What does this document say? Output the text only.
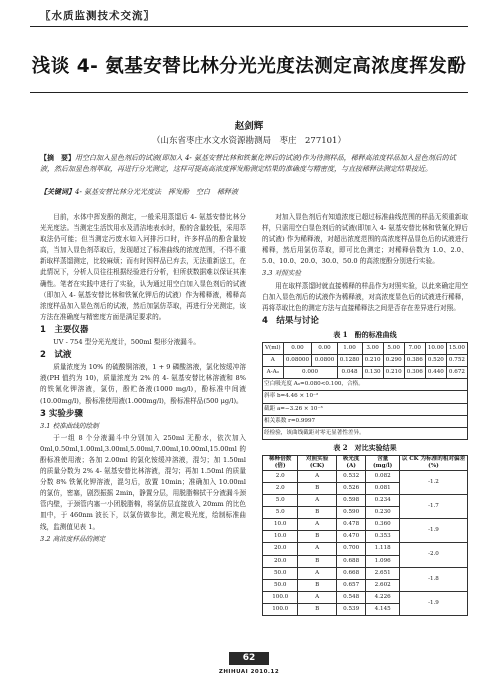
〖水质监测技术交流〗
浅谈 4- 氨基安替比林分光光度法测定高浓度挥发酚
赵剑辉
（山东省枣庄水文水资源勘测局　枣庄　277101）
【摘　要】用空白加入显色剂后的试液(即加入 4- 氨基安替比林和铁氰化钾后的试液)作为待测样品，稀释高浓度样品加入显色剂后的试液，然后加显色剂萃取，再进行分光测定，这样可提高高浓度挥发酚测定结果的准确度与精密度，与直接稀释法测定结果接近。
【关键词】4- 氨基安替比林分光光度法　挥发酚　空白　稀释液

目前，水体中挥发酚的测定，一般采用蒸馏后 4- 氨基安替比林分光光度法。当测定生活饮用水及清洁地表水时，酚的含量较低，采用萃取法仍可能；但当测定污废水如入河排污口时，许多样品的酚含量较高，当加入显色剂萃取后，发现超过了标准曲线的浓度范围，不得不重新取样蒸馏测定，比较麻烦；而有时因样品已弃去，无法重新送工，在此情况下，分析人员往往根据经验进行分析，但所获数据难以保证其准确性。笔者在实践中进行了实验，认为通过用空白加入显色剂后的试液（即加入 4- 氨基安替比林和铁氰化钾后的试液）作为稀释液，稀释高浓度样品加入显色剂后的试液，然后加氯仿萃取，再进行分光测定，该方法在准确度与精密度方面是满足要求的。

1　主要仪器

UV - 754 型分光光度计，500ml 梨形分液漏斗。

2　试液

质量浓度为 10% 的硫酸铜溶液，1 + 9 磷酸溶液，氯化铵缓冲溶液(PH 值约为 10)，质量浓度为 2% 的 4- 氨基安替比林溶液和 8% 的铁氰化钾溶液，氯仿，酚贮备液(1000 mg/l)，酚标准中间液(10.00mg/l)，酚标准使用液(1.000mg/l)，酚标准样品(500 μg/l)。

3 实验步骤
3.1 校准曲线的绘制

于一组 8 个分液漏斗中分别加入 250ml 无酚水，依次加入 0ml,0.50ml,1.00ml,3.00ml,5.00ml,7.00ml,10.00ml,15.00ml 的酚标准使用液；各加 2.00ml 的氯化铵缓冲溶液，混匀；加 1.50ml 的质量分数为 2% 4- 氨基安替比林溶液，混匀；再加 1.50ml 的质量分数 8% 铁氰化钾溶液，混匀后，放置 10min；准确加入 10.00ml 的氯仿，密塞，剧烈振摇 2min，静置分层，用脱脂棉拭干分液漏斗颈管内壁，于颈管内塞一小团脱脂棉，将氯仿层直接放入 20mm 的比色皿中，于 460nm 波长下，以氯仿做参比，测定吸光度，绘制标准曲线，监测值见表 1。

3.2 高浓度样品的测定

对加入显色剂后有知道浓度已超过标准曲线范围的样品无须重新取样，只需用空白显色剂后的试液(即加入 4- 氨基安替比林和铁氰化钾后的试液) 作为稀释液，对超出浓度范围的高浓度样品显色后的试液进行稀释，然后用氯仿萃取，即可比色测定；对稀释倍数为 1.0、2.0、5.0、10.0、20.0、30.0、50.0 的高浓度酚分别进行实验。

3.3 对照实验

用在取样蒸馏时就直接稀释的样品作为对照实验，以此来确定用空白加入显色剂后的试液作为稀释液，对高浓度显色后的试液进行稀释，再将萃取比色的测定方法与直接稀释法之间是否存在差异进行对照。

4　结果与讨论
表 1　酚的标准曲线
V(ml)	0.00	0.00	1.00	3.00	5.00	7.00	10.00	15.00
A	0.08000	0.0800	0.1280	0.210	0.290	0.386	0.520	0.752
A-A₀	0.000		0.048	0.130	0.210	0.306	0.440	0.672
空白吸光度 A₀=0.080<0.100，合格。								
斜率 b=4.46 × 10⁻²								
截距 a=−3.26 × 10⁻³								
相关系数 r=0.9997								
经检验，该曲线截距对零无显著性差异。								
表 2　对比实验结果
稀释倍数 (倍)	对照实验 (CK)	吸光度 (A)	含量 (mg/l)	以 CK 为标准的相对偏差(%)
2.0	A	0.532	0.082	-1.2
2.0	B	0.526	0.081	
5.0	A	0.598	0.234	-1.7
5.0	B	0.590	0.230	
10.0	A	0.478	0.360	-1.9
10.0	B	0.470	0.353	
20.0	A	0.700	1.118	-2.0
20.0	B	0.688	1.096	
50.0	A	0.668	2.651	-1.8
50.0	B	0.657	2.602	
100.0	A	0.548	4.226	-1.9
100.0	B	0.539	4.145	
62
ZHIHUAI 2010.12
